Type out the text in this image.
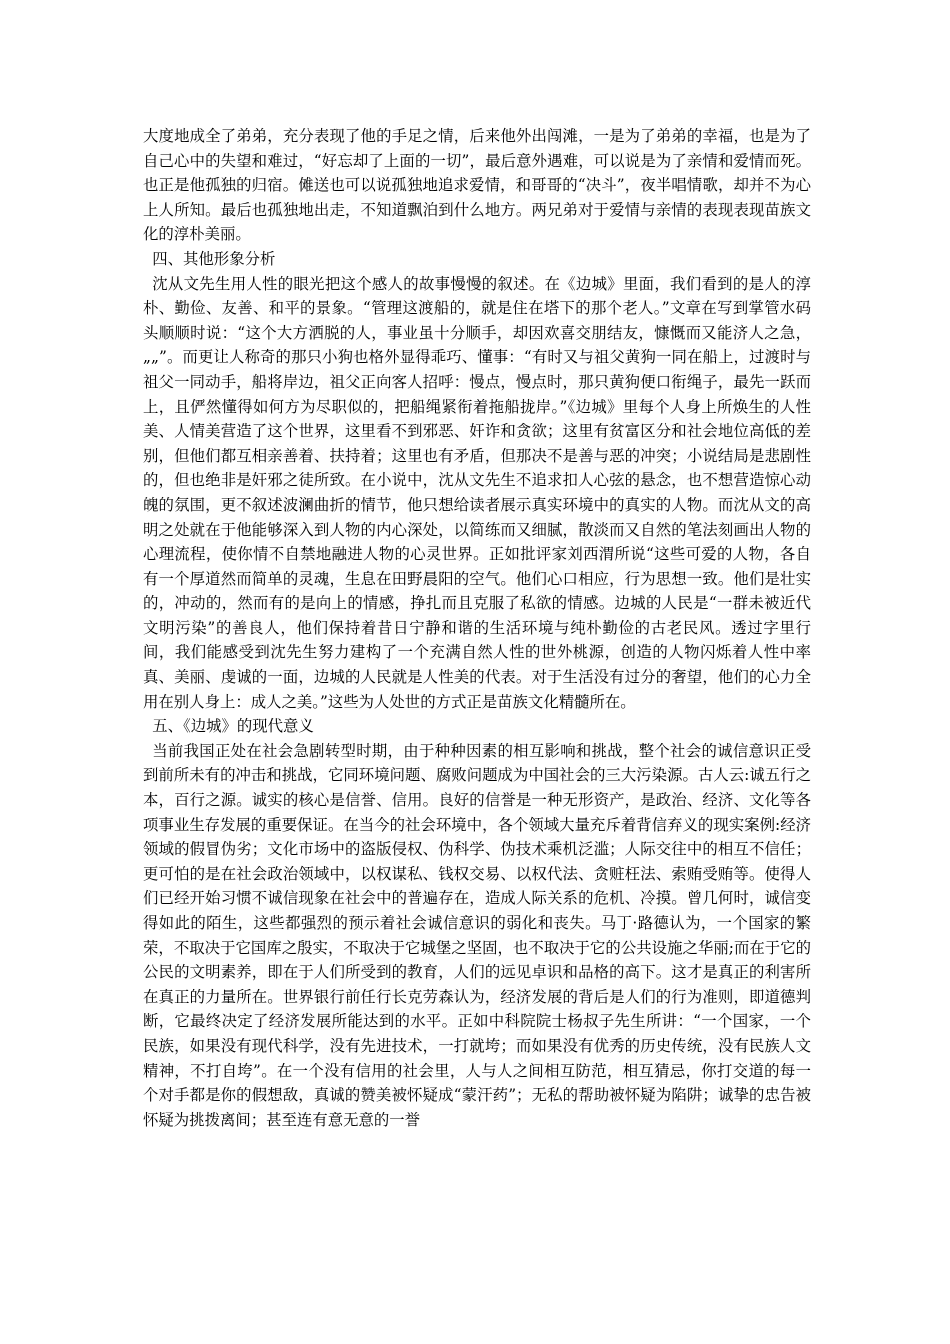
大度地成全了弟弟，充分表现了他的手足之情，后来他外出闯滩，一是为了弟弟的幸福，也是为了自己心中的失望和难过，“好忘却了上面的一切”，最后意外遇难，可以说是为了亲情和爱情而死。也正是他孤独的归宿。傩送也可以说孤独地追求爱情，和哥哥的“决斗”，夜半唱情歌，却并不为心上人所知。最后也孤独地出走，不知道飘泊到什么地方。两兄弟对于爱情与亲情的表现表现苗族文化的淳朴美丽。

四、其他形象分析

沈从文先生用人性的眼光把这个感人的故事慢慢的叙述。在《边城》里面，我们看到的是人的淳朴、勤俭、友善、和平的景象。“管理这渡船的，就是住在塔下的那个老人。”文章在写到掌管水码头顺顺时说：“这个大方洒脱的人，事业虽十分顺手，却因欢喜交朋结友，慷慨而又能济人之急，„„”。而更让人称奇的那只小狗也格外显得乖巧、懂事：“有时又与祖父黄狗一同在船上，过渡时与祖父一同动手，船将岸边，祖父正向客人招呼：慢点，慢点时，那只黄狗便口衔绳子，最先一跃而上，且俨然懂得如何方为尽职似的，把船绳紧衔着拖船拢岸。”《边城》里每个人身上所焕生的人性美、人情美营造了这个世界，这里看不到邪恶、奸诈和贪欲；这里有贫富区分和社会地位高低的差别，但他们都互相亲善着、扶持着；这里也有矛盾，但那决不是善与恶的冲突；小说结局是悲剧性的，但也绝非是奸邪之徒所致。在小说中，沈从文先生不追求扣人心弦的悬念，也不想营造惊心动魄的氛围，更不叙述波澜曲折的情节，他只想给读者展示真实环境中的真实的人物。而沈从文的高明之处就在于他能够深入到人物的内心深处，以简练而又细腻，散淡而又自然的笔法刻画出人物的心理流程，使你情不自禁地融进人物的心灵世界。正如批评家刘西渭所说“这些可爱的人物，各自有一个厚道然而简单的灵魂，生息在田野晨阳的空气。他们心口相应，行为思想一致。他们是壮实的，冲动的，然而有的是向上的情感，挣扎而且克服了私欲的情感。边城的人民是“一群未被近代文明污染”的善良人，他们保持着昔日宁静和谐的生活环境与纯朴勤俭的古老民风。透过字里行间，我们能感受到沈先生努力建构了一个充满自然人性的世外桃源，创造的人物闪烁着人性中率真、美丽、虔诚的一面，边城的人民就是人性美的代表。对于生活没有过分的奢望，他们的心力全用在别人身上：成人之美。”这些为人处世的方式正是苗族文化精髓所在。

五、《边城》的现代意义

当前我国正处在社会急剧转型时期，由于种种因素的相互影响和挑战，整个社会的诚信意识正受到前所未有的冲击和挑战，它同环境问题、腐败问题成为中国社会的三大污染源。古人云:诚五行之本，百行之源。诚实的核心是信誉、信用。良好的信誉是一种无形资产，是政治、经济、文化等各项事业生存发展的重要保证。在当今的社会环境中，各个领域大量充斥着背信弃义的现实案例:经济领域的假冒伪劣；文化市场中的盗版侵权、伪科学、伪技术乘机泛滥；人际交往中的相互不信任；更可怕的是在社会政治领域中，以权谋私、钱权交易、以权代法、贪赃枉法、索贿受贿等。使得人们已经开始习惯不诚信现象在社会中的普遍存在，造成人际关系的危机、冷摸。曾几何时，诚信变得如此的陌生，这些都强烈的预示着社会诚信意识的弱化和丧失。马丁·路德认为，一个国家的繁荣，不取决于它国库之殷实，不取决于它城堡之坚固，也不取决于它的公共设施之华丽;而在于它的公民的文明素养，即在于人们所受到的教育，人们的远见卓识和品格的高下。这才是真正的利害所在真正的力量所在。世界银行前任行长克劳森认为，经济发展的背后是人们的行为准则，即道德判断，它最终决定了经济发展所能达到的水平。正如中科院院士杨叔子先生所讲：“一个国家，一个民族，如果没有现代科学，没有先进技术，一打就垮；而如果没有优秀的历史传统，没有民族人文精神，不打自垮”。在一个没有信用的社会里，人与人之间相互防范，相互猜忌，你打交道的每一个对手都是你的假想敌，真诚的赞美被怀疑成“蒙汗药”；无私的帮助被怀疑为陷阱；诚挚的忠告被怀疑为挑拨离间；甚至连有意无意的一誉
